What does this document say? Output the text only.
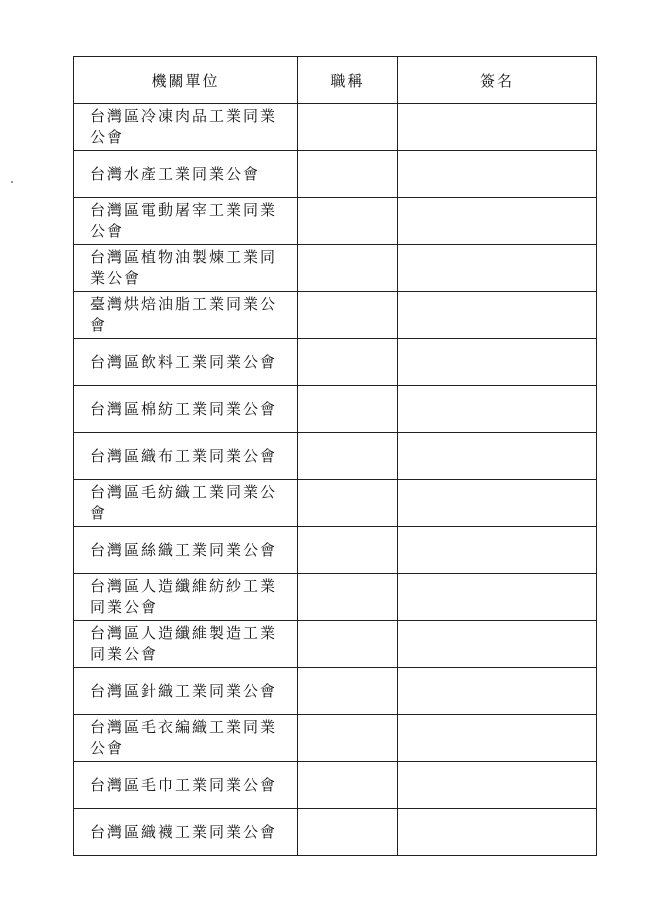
機關單位	職稱	簽名
台灣區冷凍肉品工業同業公會		
台灣水產工業同業公會		
台灣區電動屠宰工業同業公會		
台灣區植物油製煉工業同業公會		
臺灣烘焙油脂工業同業公會		
台灣區飲料工業同業公會		
台灣區棉紡工業同業公會		
台灣區織布工業同業公會		
台灣區毛紡織工業同業公會		
台灣區絲織工業同業公會		
台灣區人造纖維紡紗工業同業公會		
台灣區人造纖維製造工業同業公會		
台灣區針織工業同業公會		
台灣區毛衣編織工業同業公會		
台灣區毛巾工業同業公會		
台灣區織襪工業同業公會		
